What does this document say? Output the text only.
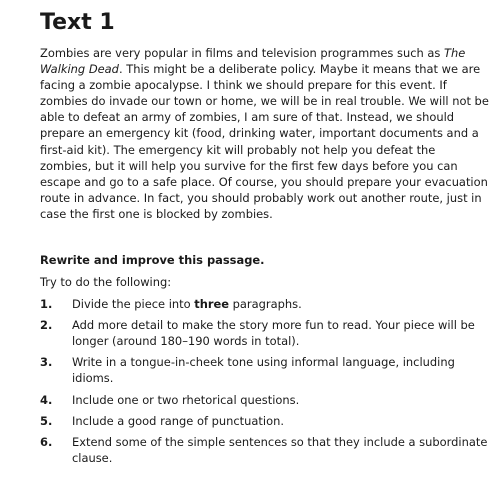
Text 1

Zombies are very popular in films and television programmes such as The Walking Dead. This might be a deliberate policy. Maybe it means that we are facing a zombie apocalypse. I think we should prepare for this event. If zombies do invade our town or home, we will be in real trouble. We will not be able to defeat an army of zombies, I am sure of that. Instead, we should prepare an emergency kit (food, drinking water, important documents and a first-aid kit). The emergency kit will probably not help you defeat the zombies, but it will help you survive for the first few days before you can escape and go to a safe place. Of course, you should prepare your evacuation route in advance. In fact, you should probably work out another route, just in case the first one is blocked by zombies.

Rewrite and improve this passage.
Try to do the following:
1.	Divide the piece into three paragraphs.
2.	Add more detail to make the story more fun to read. Your piece will be longer (around 180–190 words in total).
3.	Write in a tongue-in-cheek tone using informal language, including idioms.
4.	Include one or two rhetorical questions.
5.	Include a good range of punctuation.
6.	Extend some of the simple sentences so that they include a subordinate clause.
